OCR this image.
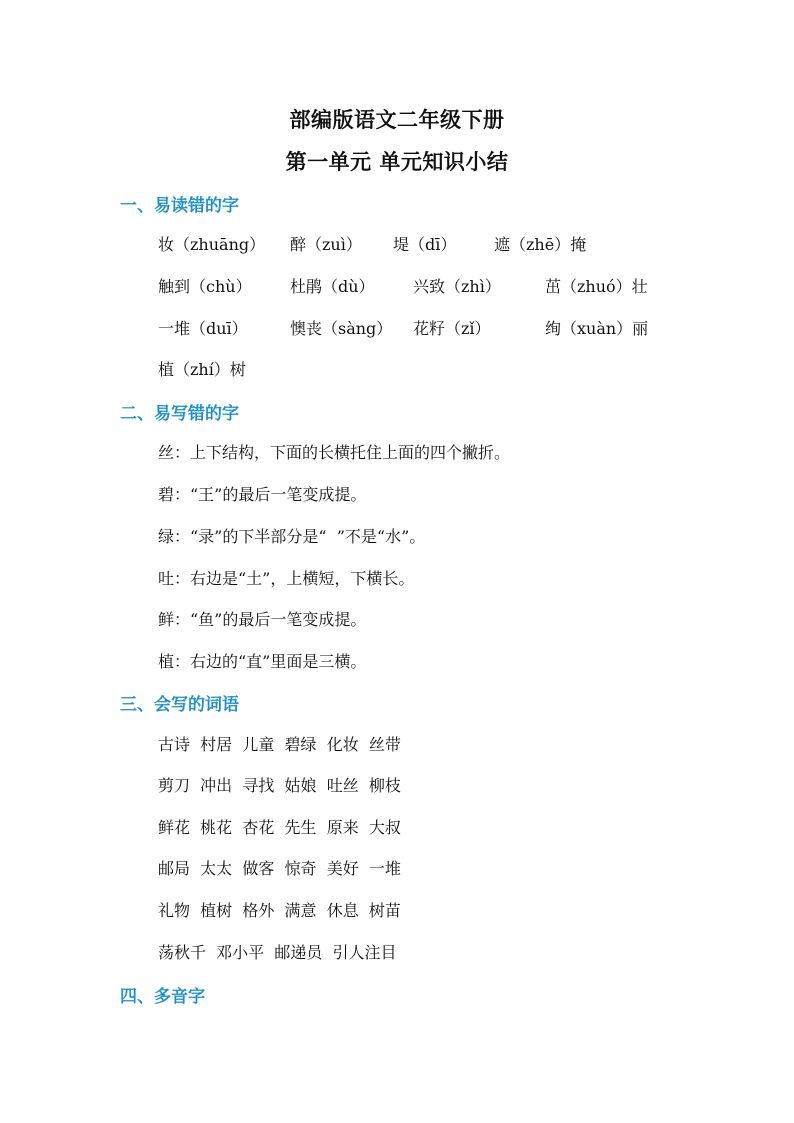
部编版语文二年级下册
第一单元 单元知识小结
一、易读错的字
妆（zhuāng） 醉（zuì） 堤（dī） 遮（zhē）掩
触到（chù） 杜鹃（dù） 兴致（zhì）	茁（zhuó）壮
一堆（duī）	懊丧（sàng） 花籽（zǐ）	绚（xuàn）丽
植（zhí）树
二、易写错的字
丝：上下结构，下面的长横托住上面的四个撇折。
碧：“王”的最后一笔变成提。
绿：“录”的下半部分是“  ”不是“水”。
吐：右边是“土”，上横短，下横长。
鲜：“鱼”的最后一笔变成提。
植：右边的“直”里面是三横。
三、会写的词语
古诗  村居  儿童  碧绿  化妆  丝带
剪刀  冲出  寻找  姑娘  吐丝  柳枝
鲜花  桃花  杏花  先生  原来  大叔
邮局  太太  做客  惊奇  美好  一堆
礼物  植树  格外  满意  休息  树苗
荡秋千  邓小平  邮递员  引人注目
四、多音字
